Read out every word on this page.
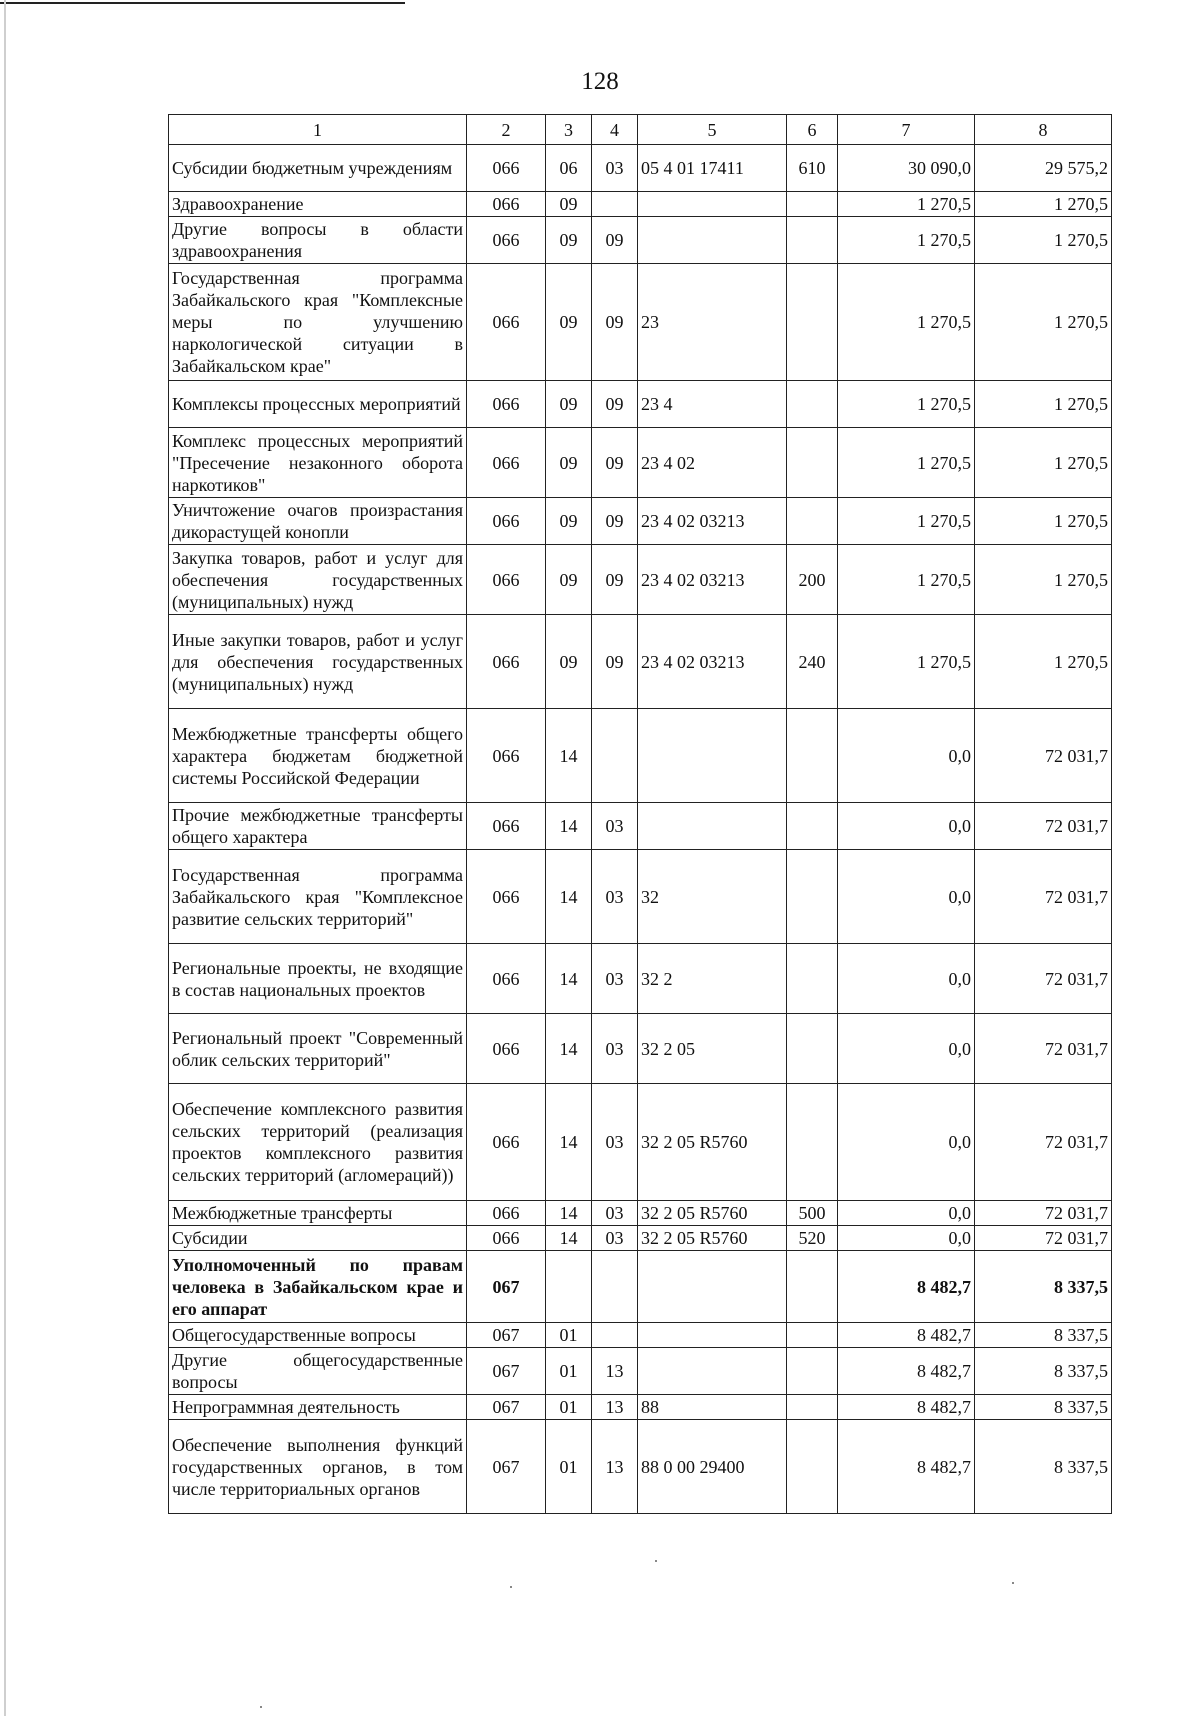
128
1	2	3	4	5	6	7	8
Субсидии бюджетным учреждениям	066	06	03	05 4 01 17411	610	30 090,0	29 575,2
Здравоохранение	066	09				1 270,5	1 270,5
Другие вопросы в области здравоохранения	066	09	09			1 270,5	1 270,5
Государственная программа Забайкальского края "Комплексные меры по улучшению наркологической ситуации в Забайкальском крае"	066	09	09	23		1 270,5	1 270,5
Комплексы процессных мероприятий	066	09	09	23 4		1 270,5	1 270,5
Комплекс процессных мероприятий "Пресечение незаконного оборота наркотиков"	066	09	09	23 4 02		1 270,5	1 270,5
Уничтожение очагов произрастания дикорастущей конопли	066	09	09	23 4 02 03213		1 270,5	1 270,5
Закупка товаров, работ и услуг для обеспечения государственных (муниципальных) нужд	066	09	09	23 4 02 03213	200	1 270,5	1 270,5
Иные закупки товаров, работ и услуг для обеспечения государственных (муниципальных) нужд	066	09	09	23 4 02 03213	240	1 270,5	1 270,5
Межбюджетные трансферты общего характера бюджетам бюджетной системы Российской Федерации	066	14				0,0	72 031,7
Прочие межбюджетные трансферты общего характера	066	14	03			0,0	72 031,7
Государственная программа Забайкальского края "Комплексное развитие сельских территорий"	066	14	03	32		0,0	72 031,7
Региональные проекты, не входящие в состав национальных проектов	066	14	03	32 2		0,0	72 031,7
Региональный проект "Современный облик сельских территорий"	066	14	03	32 2 05		0,0	72 031,7
Обеспечение комплексного развития сельских территорий (реализация проектов комплексного развития сельских территорий (агломераций))	066	14	03	32 2 05 R5760		0,0	72 031,7
Межбюджетные трансферты	066	14	03	32 2 05 R5760	500	0,0	72 031,7
Субсидии	066	14	03	32 2 05 R5760	520	0,0	72 031,7
Уполномоченный по правам человека в Забайкальском крае и его аппарат	067					8 482,7	8 337,5
Общегосударственные вопросы	067	01				8 482,7	8 337,5
Другие общегосударственные вопросы	067	01	13			8 482,7	8 337,5
Непрограммная деятельность	067	01	13	88		8 482,7	8 337,5
Обеспечение выполнения функций государственных органов, в том числе территориальных органов	067	01	13	88 0 00 29400		8 482,7	8 337,5
